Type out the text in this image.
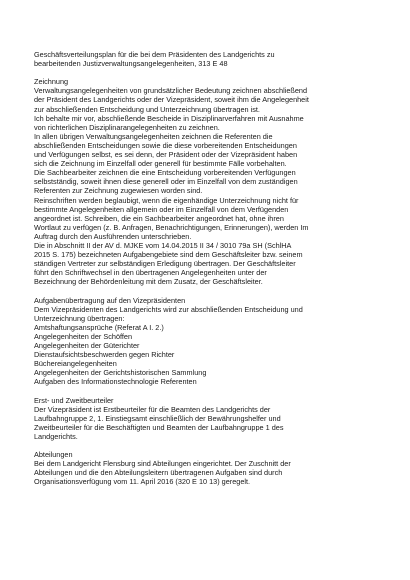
Geschäftsverteilungsplan für die bei dem Präsidenten des Landgerichts zu
bearbeitenden Justizverwaltungsangelegenheiten, 313 E 48
Zeichnung
Verwaltungsangelegenheiten von grundsätzlicher Bedeutung zeichnen abschließend
der Präsident des Landgerichts oder der Vizepräsident, soweit ihm die Angelegenheit
zur abschließenden Entscheidung und Unterzeichnung übertragen ist.
Ich behalte mir vor, abschließende Bescheide in Disziplinarverfahren mit Ausnahme
von richterlichen Disziplinarangelegenheiten zu zeichnen.
In allen übrigen Verwaltungsangelegenheiten zeichnen die Referenten die
abschließenden Entscheidungen sowie die diese vorbereitenden Entscheidungen
und Verfügungen selbst, es sei denn, der Präsident oder der Vizepräsident haben
sich die Zeichnung im Einzelfall oder generell für bestimmte Fälle vorbehalten.
Die Sachbearbeiter zeichnen die eine Entscheidung vorbereitenden Verfügungen
selbstständig, soweit ihnen diese generell oder im Einzelfall von dem zuständigen
Referenten zur Zeichnung zugewiesen worden sind.
Reinschriften werden beglaubigt, wenn die eigenhändige Unterzeichnung nicht für
bestimmte Angelegenheiten allgemein oder im Einzelfall von dem Verfügenden
angeordnet ist. Schreiben, die ein Sachbearbeiter angeordnet hat, ohne ihren
Wortlaut zu verfügen (z. B. Anfragen, Benachrichtigungen, Erinnerungen), werden Im
Auftrag durch den Ausführenden unterschrieben.
Die in Abschnitt II der AV d. MJKE vom 14.04.2015 II 34 / 3010 79a SH (SchlHA
2015 S. 175) bezeichneten Aufgabengebiete sind dem Geschäftsleiter bzw. seinem
ständigen Vertreter zur selbständigen Erledigung übertragen. Der Geschäftsleiter
führt den Schriftwechsel in den übertragenen Angelegenheiten unter der
Bezeichnung der Behördenleitung mit dem Zusatz, der Geschäftsleiter.
Aufgabenübertragung auf den Vizepräsidenten
Dem Vizepräsidenten des Landgerichts wird zur abschließenden Entscheidung und
Unterzeichnung übertragen:
Amtshaftungsansprüche (Referat A I. 2.)
Angelegenheiten der Schöffen
Angelegenheiten der Güterichter
Dienstaufsichtsbeschwerden gegen Richter
Büchereiangelegenheiten
Angelegenheiten der Gerichtshistorischen Sammlung
Aufgaben des Informationstechnologie Referenten
Erst- und Zweitbeurteiler
Der Vizepräsident ist Erstbeurteiler für die Beamten des Landgerichts der
Laufbahngruppe 2, 1. Einstiegsamt einschließlich der Bewährungshelfer und
Zweitbeurteiler für die Beschäftigten und Beamten der Laufbahngruppe 1 des
Landgerichts.
Abteilungen
Bei dem Landgericht Flensburg sind Abteilungen eingerichtet. Der Zuschnitt der
Abteilungen und die den Abteilungsleitern übertragenen Aufgaben sind durch
Organisationsverfügung vom 11. April 2016 (320 E 10 13) geregelt.
